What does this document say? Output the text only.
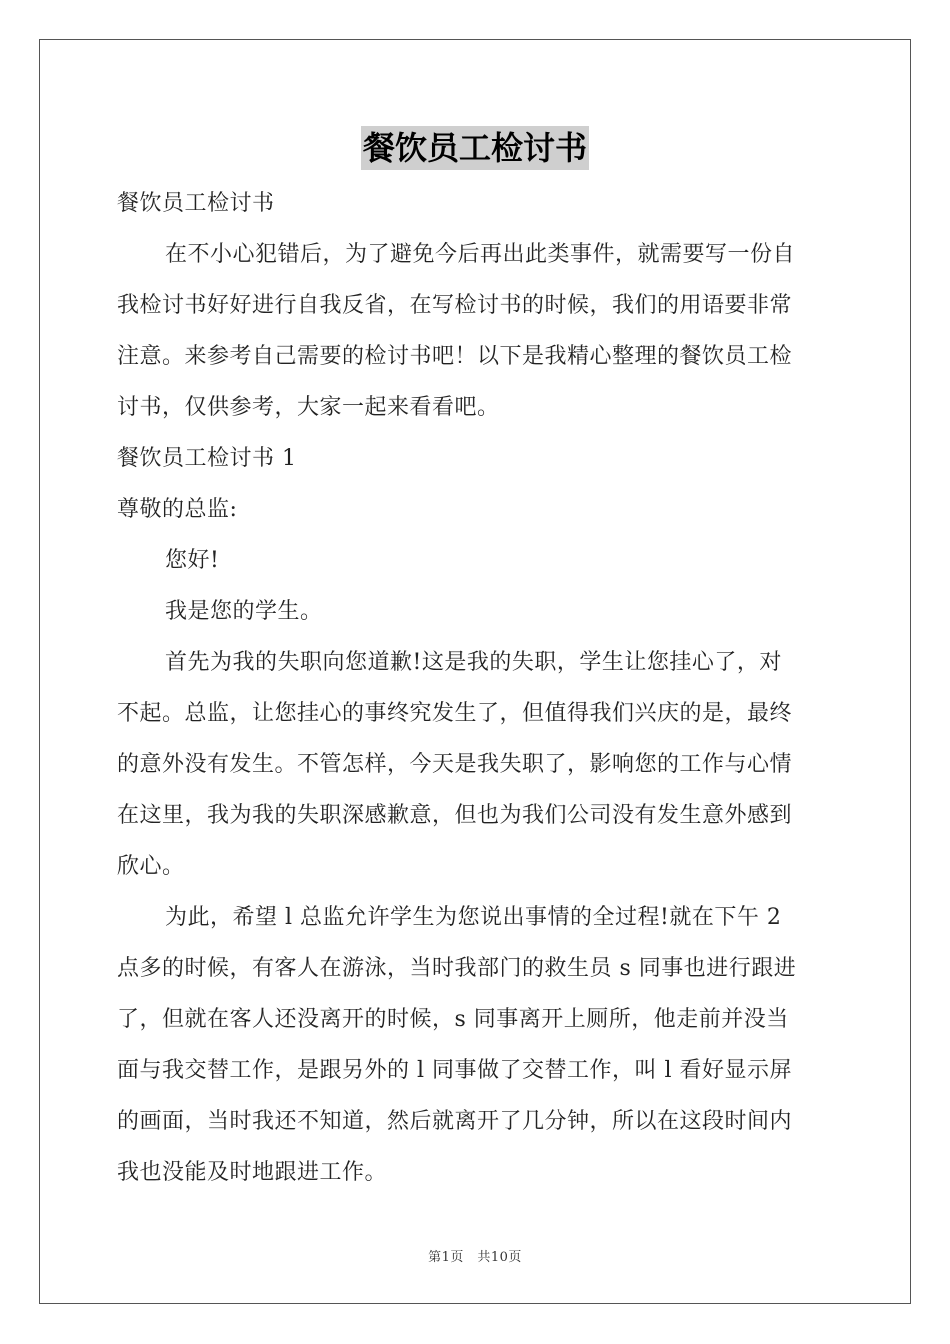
餐饮员工检讨书

餐饮员工检讨书

在不小心犯错后，为了避免今后再出此类事件，就需要写一份自

我检讨书好好进行自我反省，在写检讨书的时候，我们的用语要非常

注意。来参考自己需要的检讨书吧！以下是我精心整理的餐饮员工检

讨书，仅供参考，大家一起来看看吧。

餐饮员工检讨书 1

尊敬的总监:

您好!

我是您的学生。

首先为我的失职向您道歉!这是我的失职，学生让您挂心了，对

不起。总监，让您挂心的事终究发生了，但值得我们兴庆的是，最终

的意外没有发生。不管怎样，今天是我失职了，影响您的工作与心情

在这里，我为我的失职深感歉意，但也为我们公司没有发生意外感到

欣心。

为此，希望 l 总监允许学生为您说出事情的全过程!就在下午 2

点多的时候，有客人在游泳，当时我部门的救生员 s 同事也进行跟进

了，但就在客人还没离开的时候，s 同事离开上厕所，他走前并没当

面与我交替工作，是跟另外的 l 同事做了交替工作，叫 l 看好显示屏

的画面，当时我还不知道，然后就离开了几分钟，所以在这段时间内

我也没能及时地跟进工作。

第1页　共10页
